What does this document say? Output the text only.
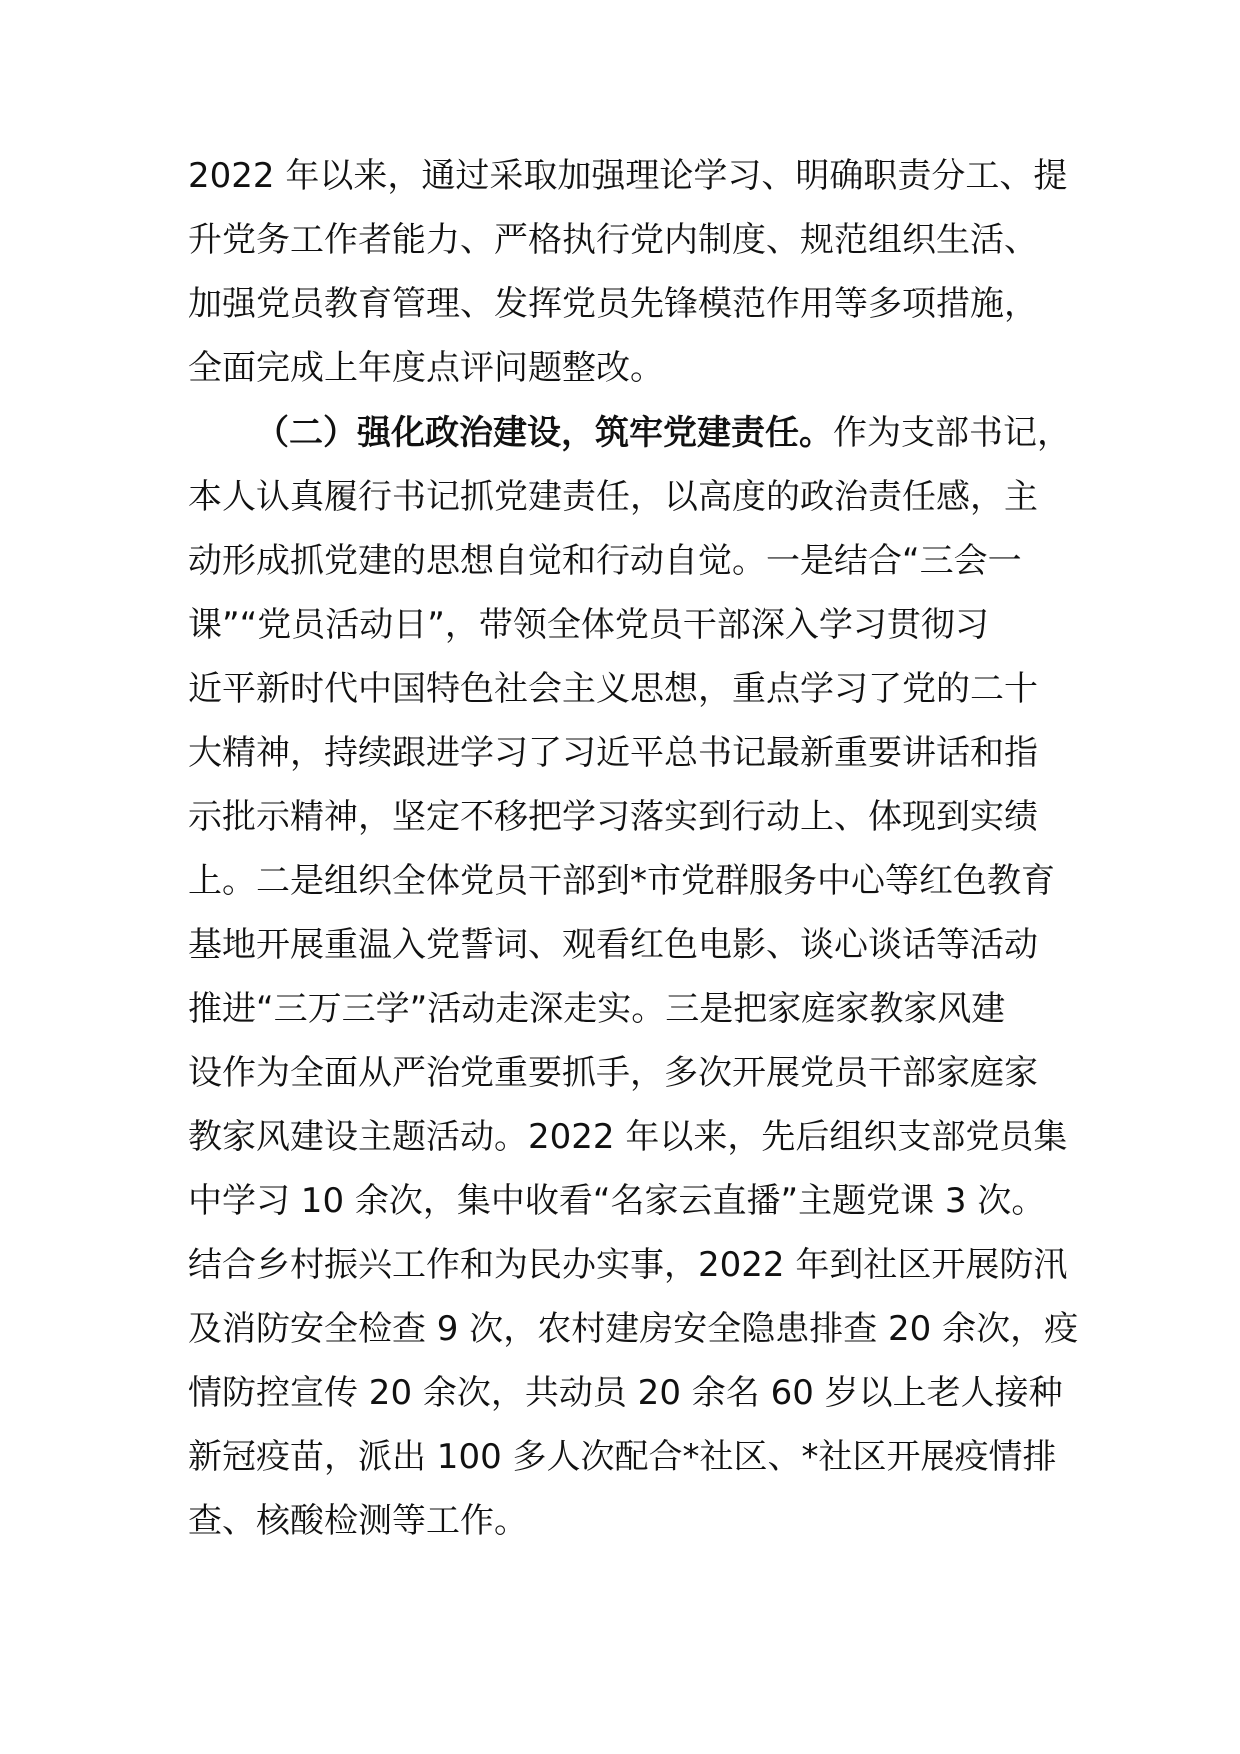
2022 年以来，通过采取加强理论学习、明确职责分工、提
升党务工作者能力、严格执行党内制度、规范组织生活、
加强党员教育管理、发挥党员先锋模范作用等多项措施，
全面完成上年度点评问题整改。
（二）强化政治建设，筑牢党建责任。作为支部书记，
本人认真履行书记抓党建责任，以高度的政治责任感，主
动形成抓党建的思想自觉和行动自觉。一是结合“三会一
课”“党员活动日”，带领全体党员干部深入学习贯彻习
近平新时代中国特色社会主义思想，重点学习了党的二十
大精神，持续跟进学习了习近平总书记最新重要讲话和指
示批示精神，坚定不移把学习落实到行动上、体现到实绩
上。二是组织全体党员干部到*市党群服务中心等红色教育
基地开展重温入党誓词、观看红色电影、谈心谈话等活动
推进“三万三学”活动走深走实。三是把家庭家教家风建
设作为全面从严治党重要抓手，多次开展党员干部家庭家
教家风建设主题活动。2022 年以来，先后组织支部党员集
中学习 10 余次，集中收看“名家云直播”主题党课 3 次。
结合乡村振兴工作和为民办实事，2022 年到社区开展防汛
及消防安全检查 9 次，农村建房安全隐患排查 20 余次，疫
情防控宣传 20 余次，共动员 20 余名 60 岁以上老人接种
新冠疫苗，派出 100 多人次配合*社区、*社区开展疫情排
查、核酸检测等工作。
